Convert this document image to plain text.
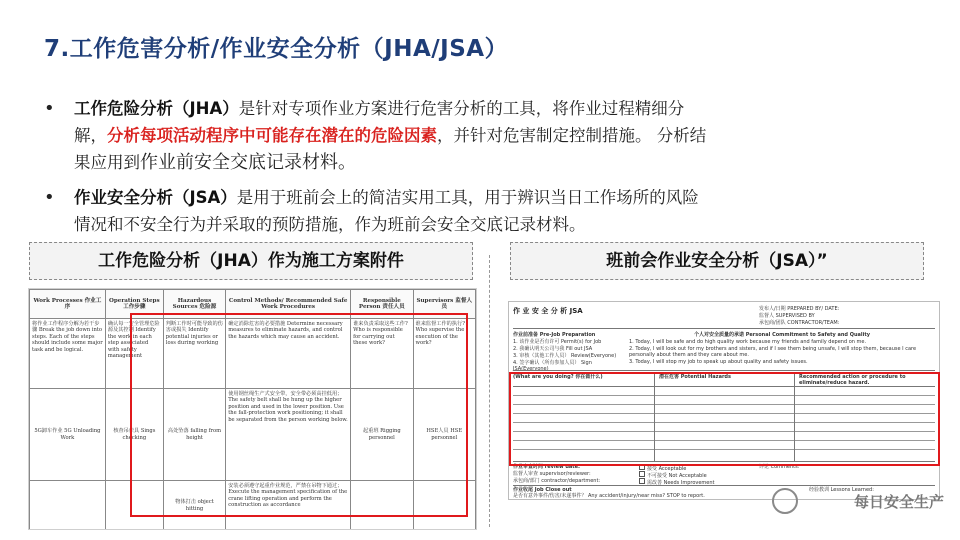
7.工作危害分析/作业安全分析（JHA/JSA）
• 工作危险分析（JHA）是针对专项作业方案进行危害分析的工具，将作业过程精细分
解，分析每项活动程序中可能存在潜在的危险因素，并针对危害制定控制措施。 分析结
果应用到作业前安全交底记录材料。
• 作业安全分析（JSA）是用于班前会上的简洁实用工具，用于辨识当日工作场所的风险
情况和不安全行为并采取的预防措施，作为班前会安全交底记录材料。
工作危险分析（JHA）作为施工方案附件	班前会作业安全分析（JSA）”
Work Processes 作业工序	Operation Steps 工作步骤	Hazardous Sources 危险源	Control Methods/ Recommended Safe Work Procedures	Responsible Person 责任人员	Supervisors 监督人员
将作业工作程序分解为若干步骤 Break the job down into steps. Each of the steps should include some major task and be logical.	确认每一安全管理危险源及其控制 Identify the work in each step associated with safety management	判断工作时可能导致的伤害或损失 Identify potential injuries or loss during working	确定消除危害的必要措施 Determine necessary measures to eliminate hazards, and control the hazards which may cause an accident.	谁来负责采取这些工作? Who is responsible for carrying out these work?	谁来监督工作的执行? Who supervise the execution of the work?
5G卸车作业 5G Unloading Work	核查吊索具 Sings checking	高处坠落 falling from height	使用钢丝绳生产式安全带，安全带必须高挂低用；The safety belt shall be hung up the higher position and used in the lower position. Use the fall-protection work positioning; it shall be separated from the person working below.	起重班 Rigging personnel	HSE人员 HSE personnel
		物体打击 object hitting	安装必须遵守起重作业规范，严禁在吊物下通过；Execute the management specification of the crane lifting operation and perform the construction as accordance		
作 业 安 全 分 析 JSA	发布人/日期 PREPARED BY/ DATE:
监督人 SUPERVISED BY
承包商/团队 CONTRACTOR/TEAM:
作业前准备 Pre-Job Preparation
1. 该作业是否有许可 Permit(s) for Job
2. 我确认明天公司与我 Fill out JSA
3. 审核（其他工作人员） Review(Everyone)
4. 签字确认（所有参加人员） Sign JSA(Everyone)
个人对安全质量的承诺 Personal Commitment to Safety and Quality
1. Today, I will be safe and do high quality work because my friends and family depend on me.
2. Today, I will look out for my brothers and sisters, and if I see them being unsafe, I will stop them, because I care personally about them and they care about me.
3. Today, I will stop my job to speak up about quality and safety issues.
(What are you doing? 你在做什么)	潜在危害 Potential Hazards	Recommended action or procedure to eliminate/reduce hazard.
作业审查时间 review date:
监督人审查 supervisor/reviewer:
承包商/部门 contractor/department:
接受 Acceptable
不可接受 Not Acceptable
需改善 Needs Improvement
评论 Comments:
作业收尾 Job Close out
是否有意外事件/伤害/未遂事件？ Any accident/injury/near miss? STOP to report.
经验教训 Lessons Learned:
每日安全生产
